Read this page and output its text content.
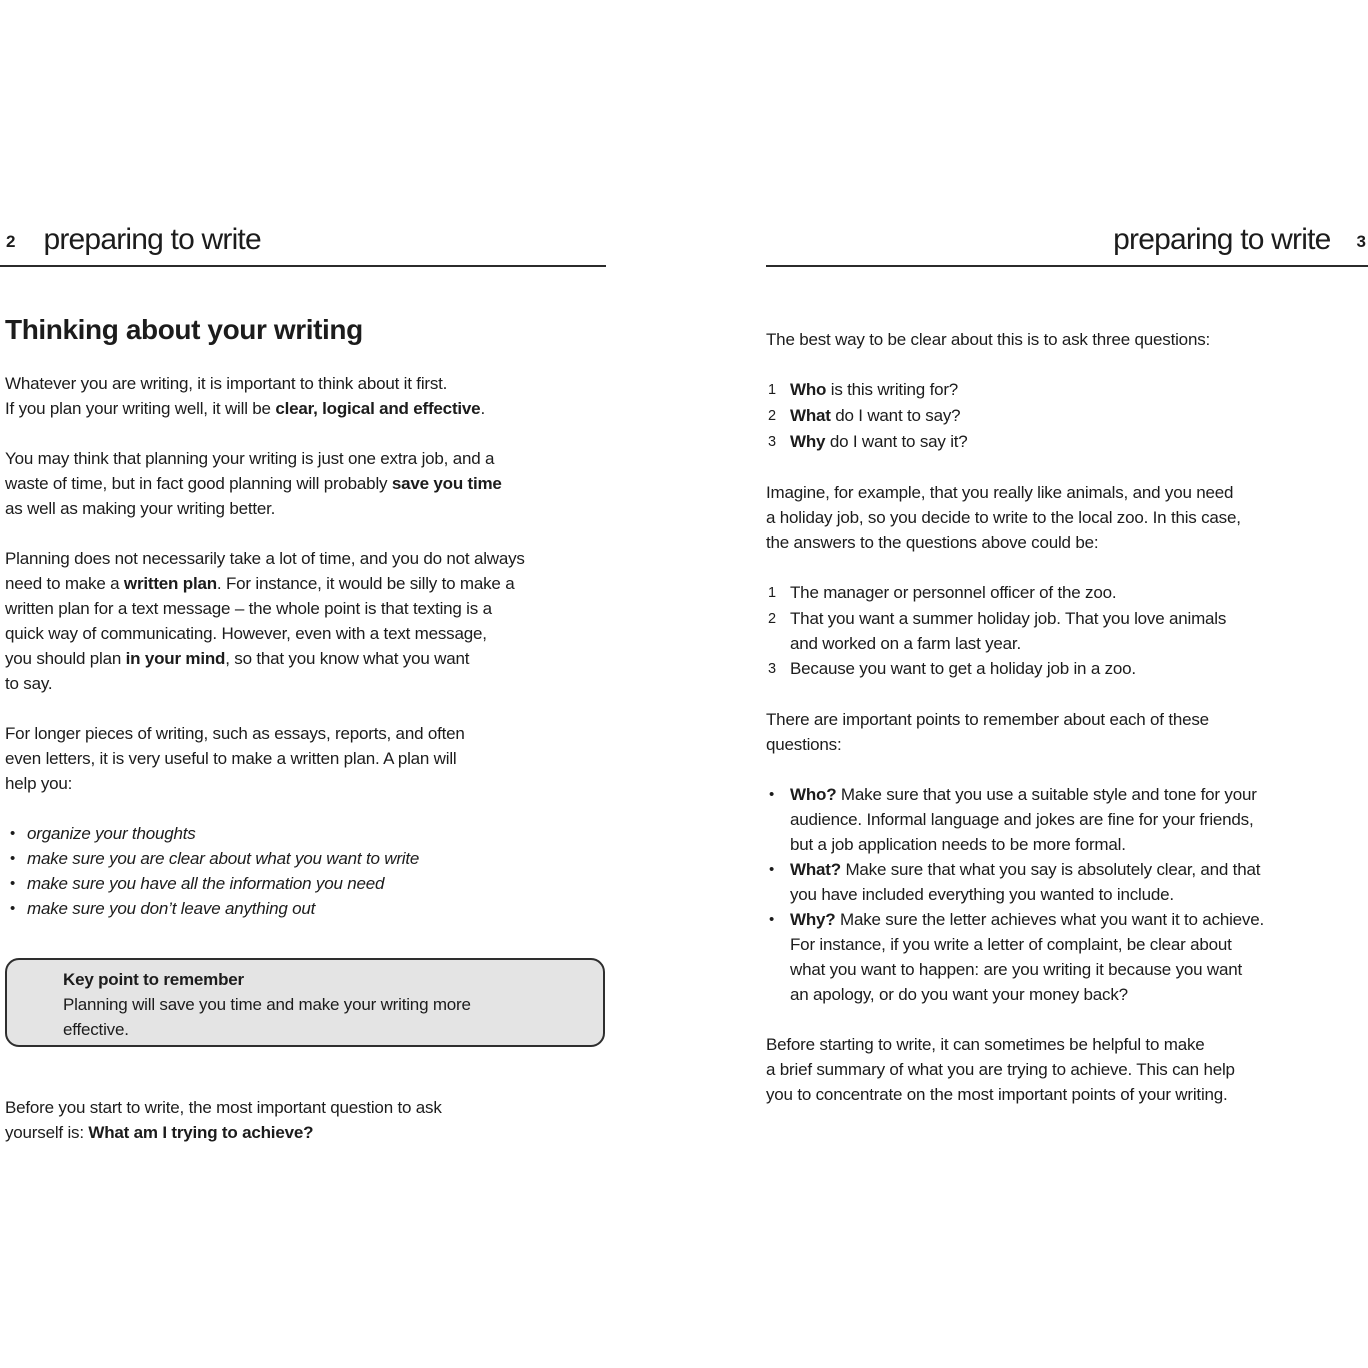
2 preparing to write	preparing to write 3
Thinking about your writing

Whatever you are writing, it is important to think about it first.
If you plan your writing well, it will be clear, logical and effective.

You may think that planning your writing is just one extra job, and a
waste of time, but in fact good planning will probably save you time
as well as making your writing better.

Planning does not necessarily take a lot of time, and you do not always
need to make a written plan. For instance, it would be silly to make a
written plan for a text message – the whole point is that texting is a
quick way of communicating. However, even with a text message,
you should plan in your mind, so that you know what you want
to say.

For longer pieces of writing, such as essays, reports, and often
even letters, it is very useful to make a written plan. A plan will
help you:

• organize your thoughts
• make sure you are clear about what you want to write
• make sure you have all the information you need
• make sure you don’t leave anything out
Key point to remember
Planning will save you time and make your writing more
effective.

Before you start to write, the most important question to ask
yourself is: What am I trying to achieve?

The best way to be clear about this is to ask three questions:

1 Who is this writing for?
2 What do I want to say?
3 Why do I want to say it?

Imagine, for example, that you really like animals, and you need
a holiday job, so you decide to write to the local zoo. In this case,
the answers to the questions above could be:

1 The manager or personnel officer of the zoo.
2 That you want a summer holiday job. That you love animals
and worked on a farm last year.
3 Because you want to get a holiday job in a zoo.

There are important points to remember about each of these
questions:

• Who? Make sure that you use a suitable style and tone for your
audience. Informal language and jokes are fine for your friends,
but a job application needs to be more formal.
• What? Make sure that what you say is absolutely clear, and that
you have included everything you wanted to include.
• Why? Make sure the letter achieves what you want it to achieve.
For instance, if you write a letter of complaint, be clear about
what you want to happen: are you writing it because you want
an apology, or do you want your money back?

Before starting to write, it can sometimes be helpful to make
a brief summary of what you are trying to achieve. This can help
you to concentrate on the most important points of your writing.
